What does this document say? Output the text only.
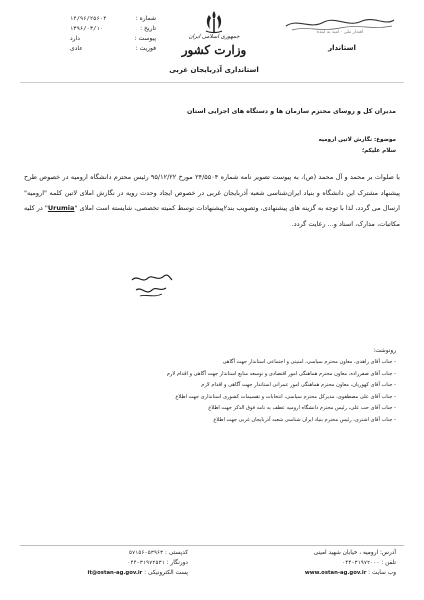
شماره :
۱۴/۹۶/۲۵۶۰۴
تاریخ :
۱۳۹۶/۰۳/۱۰
پیوست :
دارد
فوریت :
عادی
جمهوری اسلامی ایران
وزارت کشور
استانداری آذربایجان غربی
اقتدار ملی · امید به آینده
استاندار
مدیران کل و روسای محترم سازمان ها و دستگاه های اجرایی استان
موضوع: نگارش لاتین ارومیه
سلام علیکم؛
با صلوات بر محمد و آل محمد (ص)، به پیوست تصویر نامه شماره ۲۴/۵۵۰۴ مورخ ۹۵/۱۲/۲۲ رئیس محترم دانشگاه ارومیه در خصوص طرح پیشنهاد مشترک این دانشگاه و بنیاد ایران‌شناسی شعبه آذربایجان غربی در خصوص ایجاد وحدت رویه در نگارش املای لاتین کلمه "ارومیه" ارسال می گردد، لذا با توجه به گزینه های پیشنهادی، وتصویب بند۲پیشنهادات توسط کمیته تخصصی، شایسته است املای "Urumia" در کلیه مکاتبات، مدارک، اسناد و... رعایت گردد.
امضاء
رونوشت:
- جناب آقای زاهدی، معاون محترم سیاسی، امنیتی و اجتماعی استاندار جهت آگاهی
- جناب آقای صفرزاده، معاون محترم هماهنگی امور اقتصادی و توسعه منابع استاندار جهت آگاهی و اقدام لازم
- جناب آقای کهوریان، معاون محترم هماهنگی امور عمرانی استاندار جهت آگاهی و اقدام لازم
- جناب آقای علی مصطفوی، مدیرکل محترم سیاسی، انتخابات و تقسیمات کشوری استانداری جهت اطلاع
- جناب آقای حب علی، رئیس محترم دانشگاه ارومیه عطف به نامه فوق الذکر جهت اطلاع
- جناب آقای اشتری، رئیس محترم بنیاد ایران شناسی شعبه آذربایجان غربی جهت اطلاع
آدرس: ارومیه ، خیابان شهید امینی
تلفن : ۰۴۴-۳۱۹۷۲۰۰۰
وب سایت : www.ostan-ag.gov.ir
کدپستی : ۵۷۱۵۶-۵۳۹۶۳
دورنگار : ۰۴۴-۳۱۹۷۲۵۳۱
پست الکترونیکی : it@ostan-ag.gov.ir
